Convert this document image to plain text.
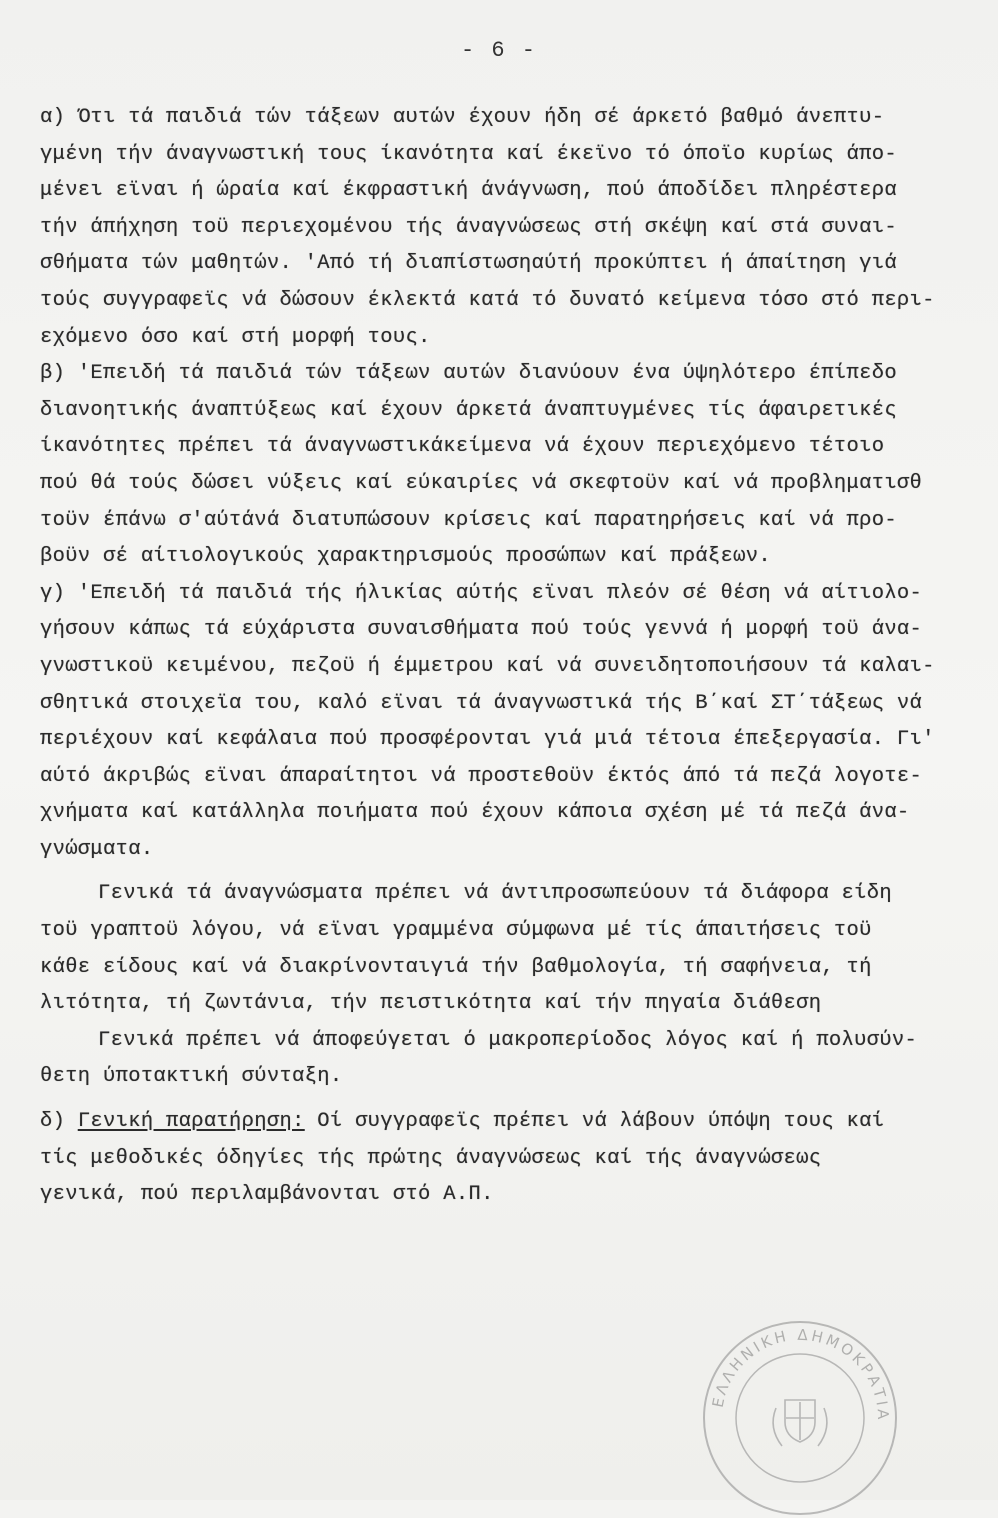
- 6 -
α) Ότι τά παιδιά τών τάξεων αυτών έχουν ήδη σέ άρκετό βαθμό άνεπτυ-
γμένη τήν άναγνωστική τους ίκανότητα καί έκεϊνο τό όποϊο κυρίως άπο-
μένει εϊναι ή ώραία καί έκφραστική άνάγνωση, πού άποδίδει πληρέστερα
τήν άπήχηση τοϋ περιεχομένου τής άναγνώσεως στή σκέψη καί στά συναι-
σθήματα τών μαθητών. 'Από τή διαπίστωσηαύτή προκύπτει ή άπαίτηση γιά
τούς συγγραφεϊς νά δώσουν έκλεκτά κατά τό δυνατό κείμενα τόσο στό περι-
εχόμενο όσο καί στή μορφή τους.
β) 'Επειδή τά παιδιά τών τάξεων αυτών διανύουν ένα ύψηλότερο έπίπεδο
διανοητικής άναπτύξεως καί έχουν άρκετά άναπτυγμένες τίς άφαιρετικές
ίκανότητες πρέπει τά άναγνωστικάκείμενα νά έχουν περιεχόμενο τέτοιο
πού θά τούς δώσει νύξεις καί εύκαιρίες νά σκεφτοϋν καί νά προβληματισθ
τοϋν έπάνω σ'αύτάνά διατυπώσουν κρίσεις καί παρατηρήσεις καί νά προ-
βοϋν σέ αίτιολογικούς χαρακτηρισμούς προσώπων καί πράξεων.
γ) 'Επειδή τά παιδιά τής ήλικίας αύτής εϊναι πλεόν σέ θέση νά αίτιολο-
γήσουν κάπως τά εύχάριστα συναισθήματα πού τούς γεννά ή μορφή τοϋ άνα-
γνωστικοϋ κειμένου, πεζοϋ ή έμμετρου καί νά συνειδητοποιήσουν τά καλαι-
σθητικά στοιχεϊα του, καλό εϊναι τά άναγνωστικά τής Β΄καί ΣΤ΄τάξεως νά
περιέχουν καί κεφάλαια πού προσφέρονται γιά μιά τέτοια έπεξεργασία. Γι'
αύτό άκριβώς εϊναι άπαραίτητοι νά προστεθοϋν έκτός άπό τά πεζά λογοτε-
χνήματα καί κατάλληλα ποιήματα πού έχουν κάποια σχέση μέ τά πεζά άνα-
γνώσματα.
Γενικά τά άναγνώσματα πρέπει νά άντιπροσωπεύουν τά διάφορα είδη
τοϋ γραπτοϋ λόγου, νά εϊναι γραμμένα σύμφωνα μέ τίς άπαιτήσεις τοϋ
κάθε είδους καί νά διακρίνονταιγιά τήν βαθμολογία, τή σαφήνεια, τή
λιτότητα, τή ζωντάνια, τήν πειστικότητα καί τήν πηγαία διάθεση
Γενικά πρέπει νά άποφεύγεται ό μακροπερίοδος λόγος καί ή πολυσύν-
θετη ύποτακτική σύνταξη.
δ) Γενική παρατήρηση: Οί συγγραφεϊς πρέπει νά λάβουν ύπόψη τους καί
τίς μεθοδικές όδηγίες τής πρώτης άναγνώσεως καί τής άναγνώσεως
γενικά, πού περιλαμβάνονται στό Α.Π.
ΕΛΛΗΝΙΚΗ ΔΗΜΟΚΡΑΤΙΑ
